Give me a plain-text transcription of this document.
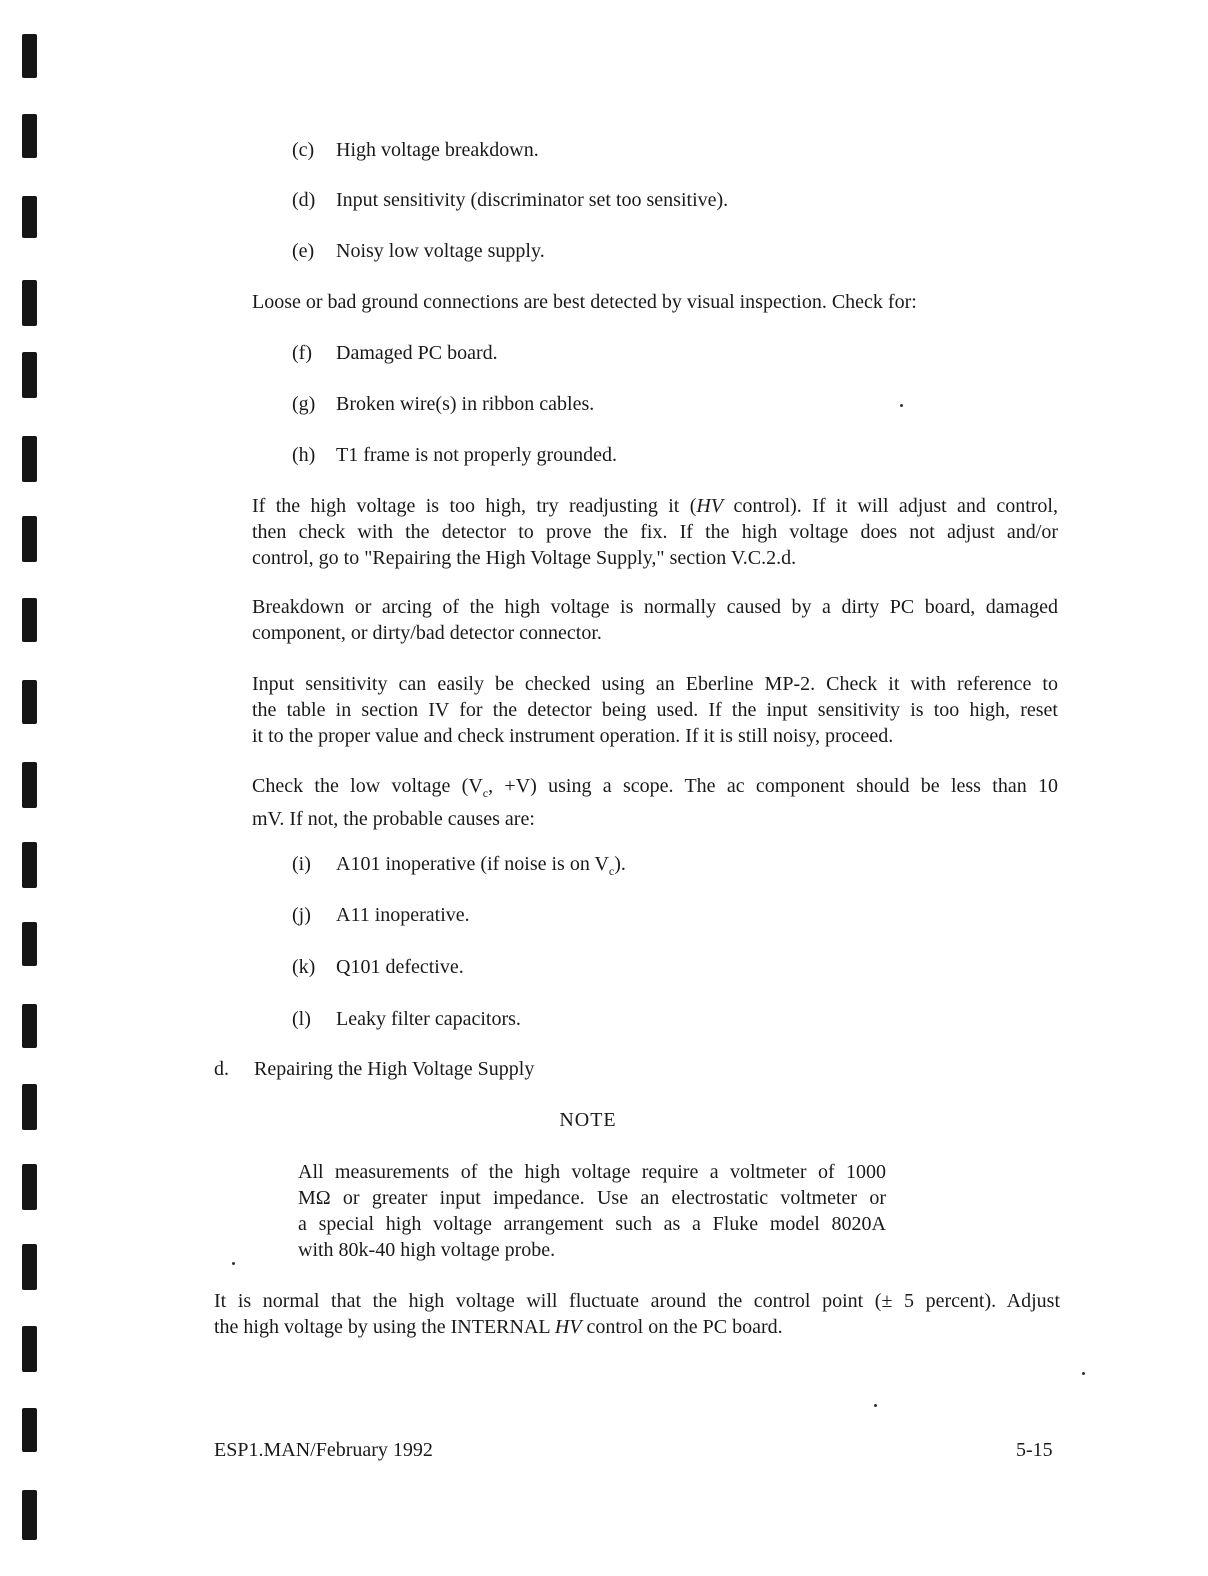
(c) High voltage breakdown.
(d) Input sensitivity (discriminator set too sensitive).
(e) Noisy low voltage supply.
Loose or bad ground connections are best detected by visual inspection. Check for:
(f) Damaged PC board.
(g) Broken wire(s) in ribbon cables.
(h) T1 frame is not properly grounded.
If the high voltage is too high, try readjusting it (HV control). If it will adjust and control,
then check with the detector to prove the fix. If the high voltage does not adjust and/or
control, go to "Repairing the High Voltage Supply," section V.C.2.d.
Breakdown or arcing of the high voltage is normally caused by a dirty PC board, damaged
component, or dirty/bad detector connector.
Input sensitivity can easily be checked using an Eberline MP-2. Check it with reference to
the table in section IV for the detector being used. If the input sensitivity is too high, reset
it to the proper value and check instrument operation. If it is still noisy, proceed.
Check the low voltage ($V_c$, +V) using a scope. The ac component should be less than 10
mV. If not, the probable causes are:
(i) A101 inoperative (if noise is on $V_c$).
(j) A11 inoperative.
(k) Q101 defective.
(l) Leaky filter capacitors.
d. Repairing the High Voltage Supply
NOTE
All measurements of the high voltage require a voltmeter of 1000
MΩ or greater input impedance. Use an electrostatic voltmeter or
a special high voltage arrangement such as a Fluke model 8020A
with 80k-40 high voltage probe.
It is normal that the high voltage will fluctuate around the control point (± 5 percent). Adjust
the high voltage by using the INTERNAL HV control on the PC board.
ESP1.MAN/February 1992	5-15
